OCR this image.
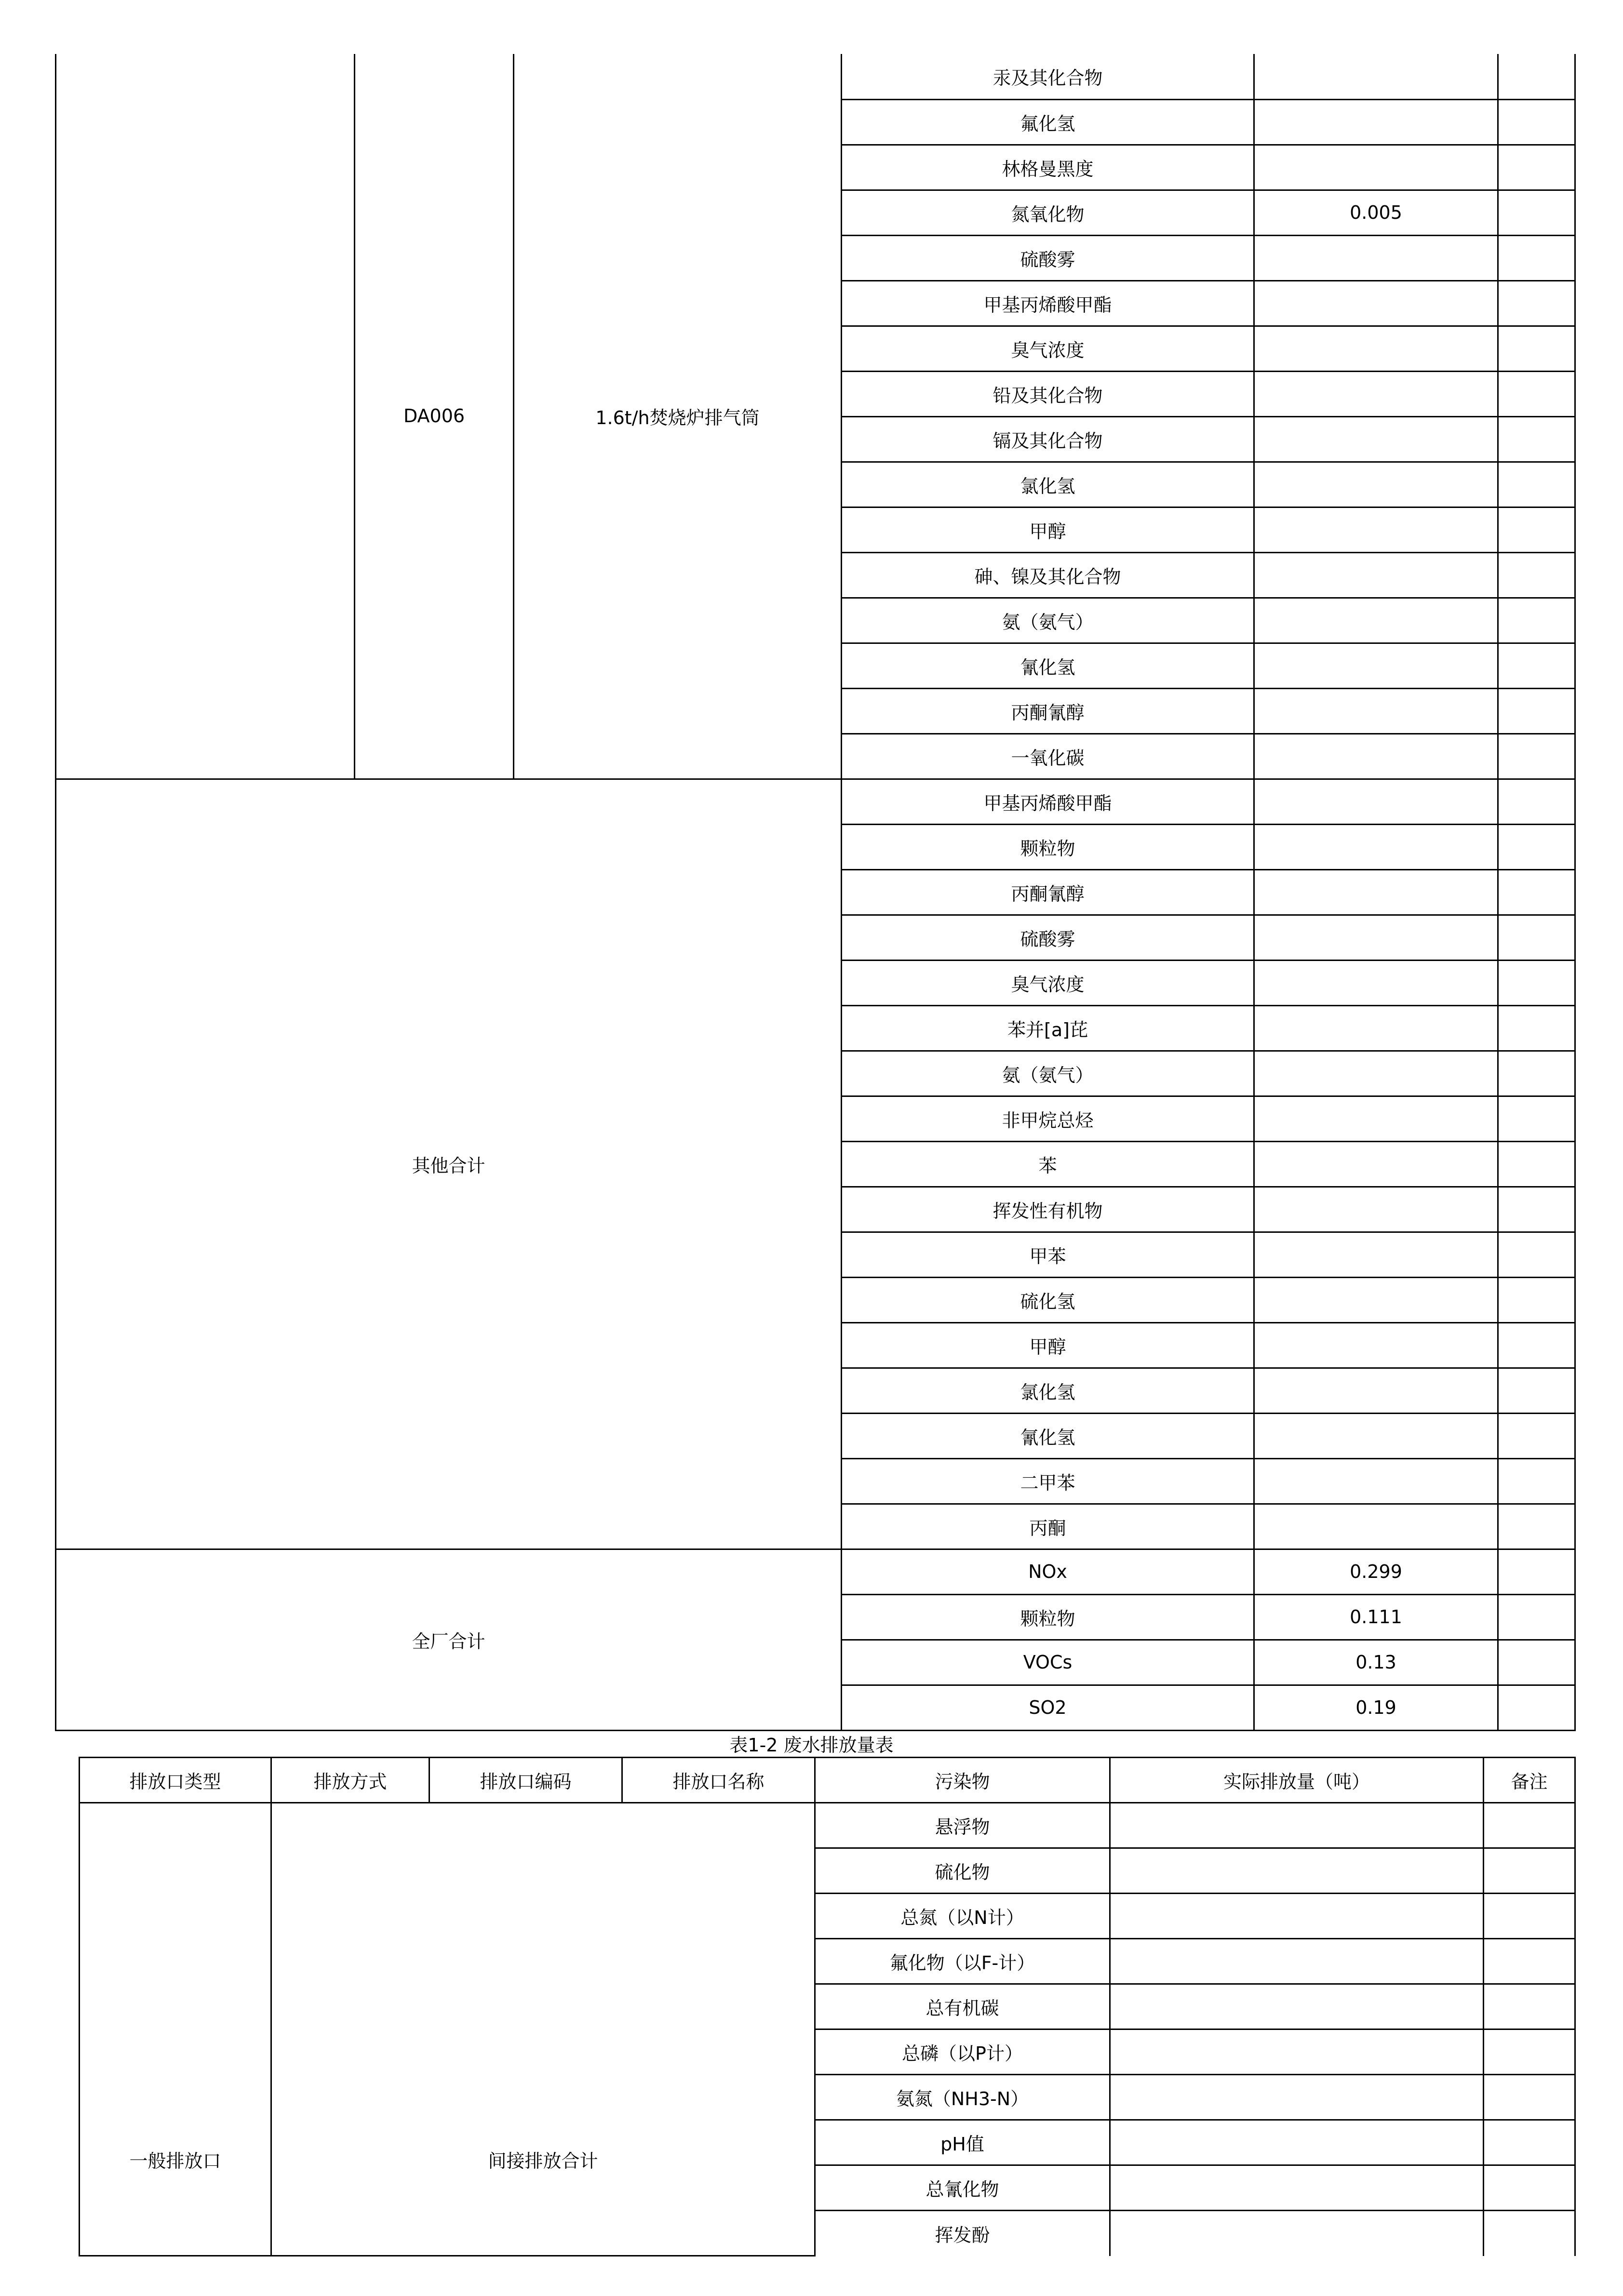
	DA006	1.6t/h焚烧炉排气筒	汞及其化合物		
			氟化氢		
			林格曼黑度		
			氮氧化物	0.005	
			硫酸雾		
			甲基丙烯酸甲酯		
			臭气浓度		
			铅及其化合物		
			镉及其化合物		
			氯化氢		
			甲醇		
			砷、镍及其化合物		
			氨（氨气）		
			氰化氢		
			丙酮氰醇		
			一氧化碳		
其他合计			甲基丙烯酸甲酯		
			颗粒物		
			丙酮氰醇		
			硫酸雾		
			臭气浓度		
			苯并[a]芘		
			氨（氨气）		
			非甲烷总烃		
			苯		
			挥发性有机物		
			甲苯		
			硫化氢		
			甲醇		
			氯化氢		
			氰化氢		
			二甲苯		
			丙酮		
全厂合计			NOx	0.299	
			颗粒物	0.111	
			VOCs	0.13	
			SO2	0.19	
表1-2 废水排放量表
排放口类型	排放方式	排放口编码	排放口名称	污染物	实际排放量（吨）	备注
一般排放口	间接排放合计			悬浮物		
				硫化物		
				总氮（以N计）		
				氟化物（以F-计）		
				总有机碳		
				总磷（以P计）		
				氨氮（NH3-N）		
				pH值		
				总氰化物		
				挥发酚		
